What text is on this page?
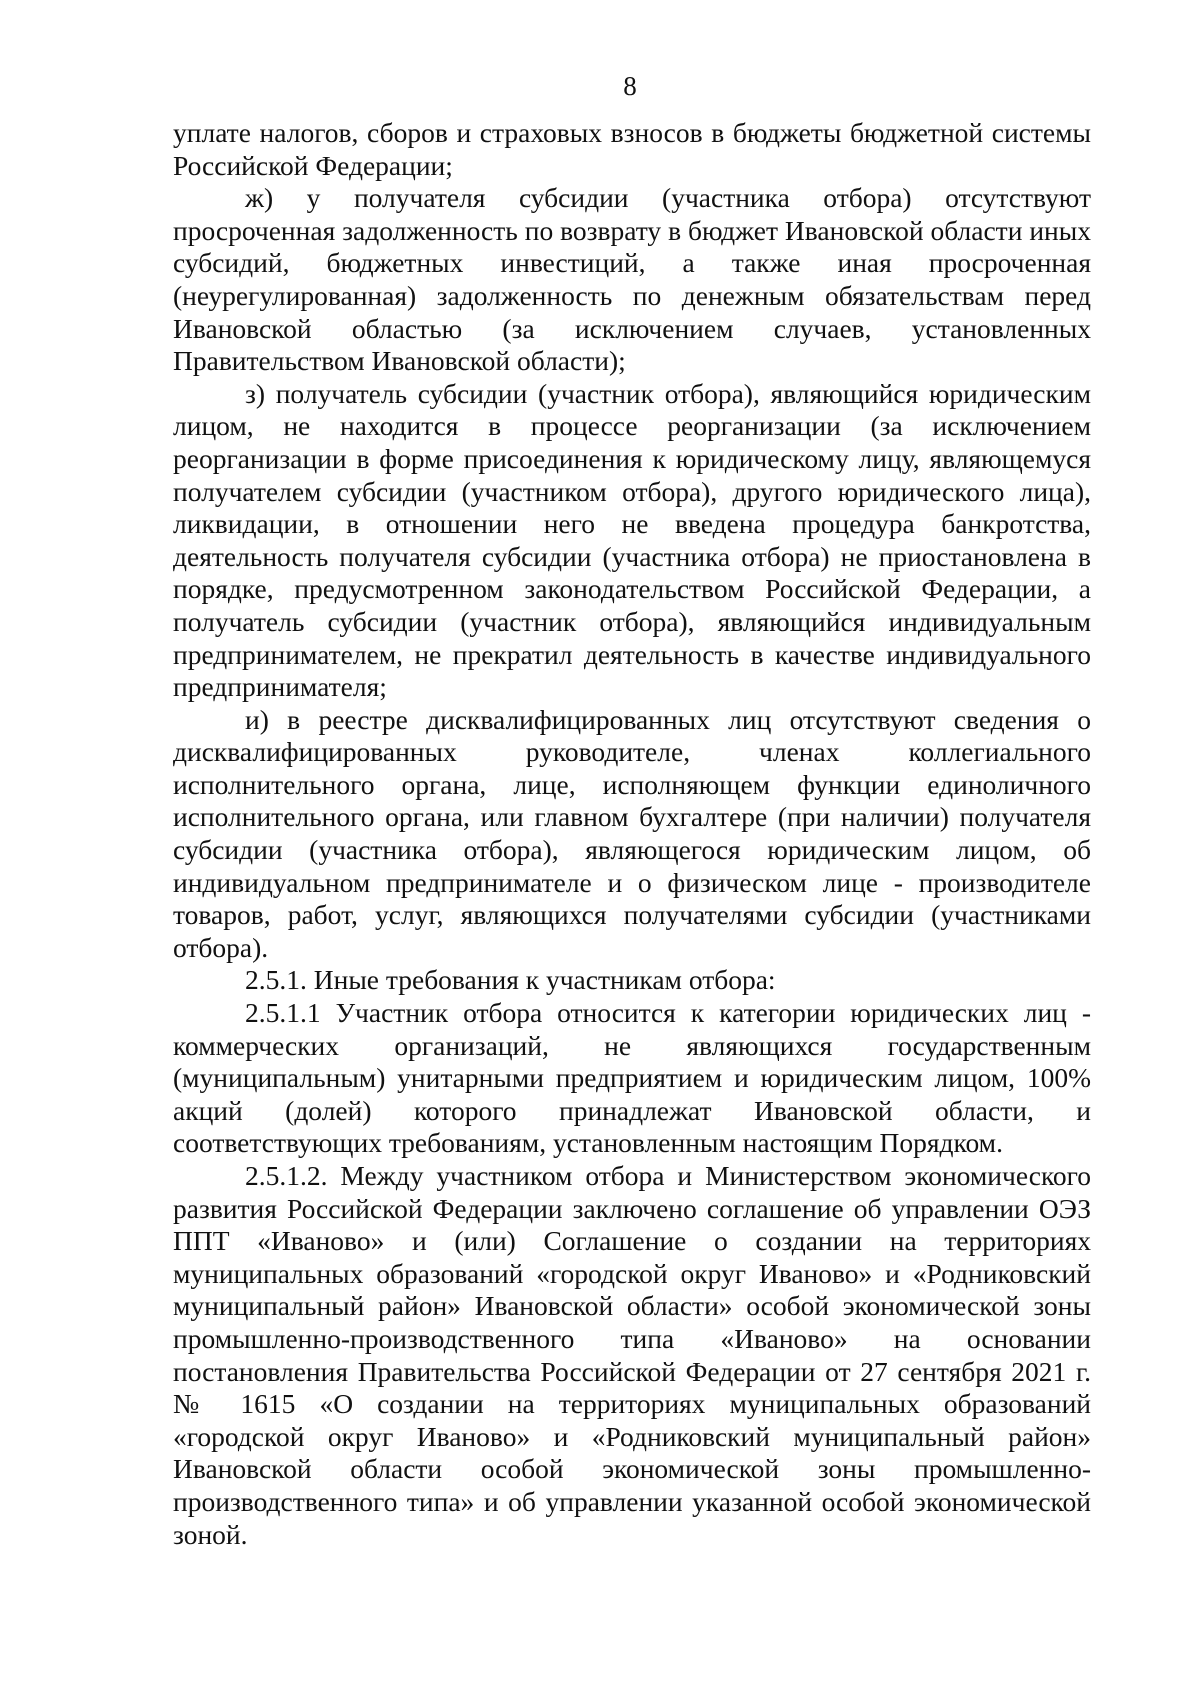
8

уплате налогов, сборов и страховых взносов в бюджеты бюджетной системы Российской Федерации;

ж) у получателя субсидии (участника отбора) отсутствуют просроченная задолженность по возврату в бюджет Ивановской области иных субсидий, бюджетных инвестиций, а также иная просроченная (неурегулированная) задолженность по денежным обязательствам перед Ивановской областью (за исключением случаев, установленных Правительством Ивановской области);

з) получатель субсидии (участник отбора), являющийся юридическим лицом, не находится в процессе реорганизации (за исключением реорганизации в форме присоединения к юридическому лицу, являющемуся получателем субсидии (участником отбора), другого юридического лица), ликвидации, в отношении него не введена процедура банкротства, деятельность получателя субсидии (участника отбора) не приостановлена в порядке, предусмотренном законодательством Российской Федерации, а получатель субсидии (участник отбора), являющийся индивидуальным предпринимателем, не прекратил деятельность в качестве индивидуального предпринимателя;

и) в реестре дисквалифицированных лиц отсутствуют сведения о дисквалифицированных руководителе, членах коллегиального исполнительного органа, лице, исполняющем функции единоличного исполнительного органа, или главном бухгалтере (при наличии) получателя субсидии (участника отбора), являющегося юридическим лицом, об индивидуальном предпринимателе и о физическом лице - производителе товаров, работ, услуг, являющихся получателями субсидии (участниками отбора).

2.5.1. Иные требования к участникам отбора:

2.5.1.1 Участник отбора относится к категории юридических лиц - коммерческих организаций, не являющихся государственным (муниципальным) унитарными предприятием и юридическим лицом, 100% акций (долей) которого принадлежат Ивановской области, и соответствующих требованиям, установленным настоящим Порядком.

2.5.1.2. Между участником отбора и Министерством экономического развития Российской Федерации заключено соглашение об управлении ОЭЗ ППТ «Иваново» и (или) Соглашение о создании на территориях муниципальных образований «городской округ Иваново» и «Родниковский муниципальный район» Ивановской области» особой экономической зоны промышленно-производственного типа «Иваново» на основании постановления Правительства Российской Федерации от 27 сентября 2021 г. № 1615 «О создании на территориях муниципальных образований «городской округ Иваново» и «Родниковский муниципальный район» Ивановской области особой экономической зоны промышленно-производственного типа» и об управлении указанной особой экономической зоной.
